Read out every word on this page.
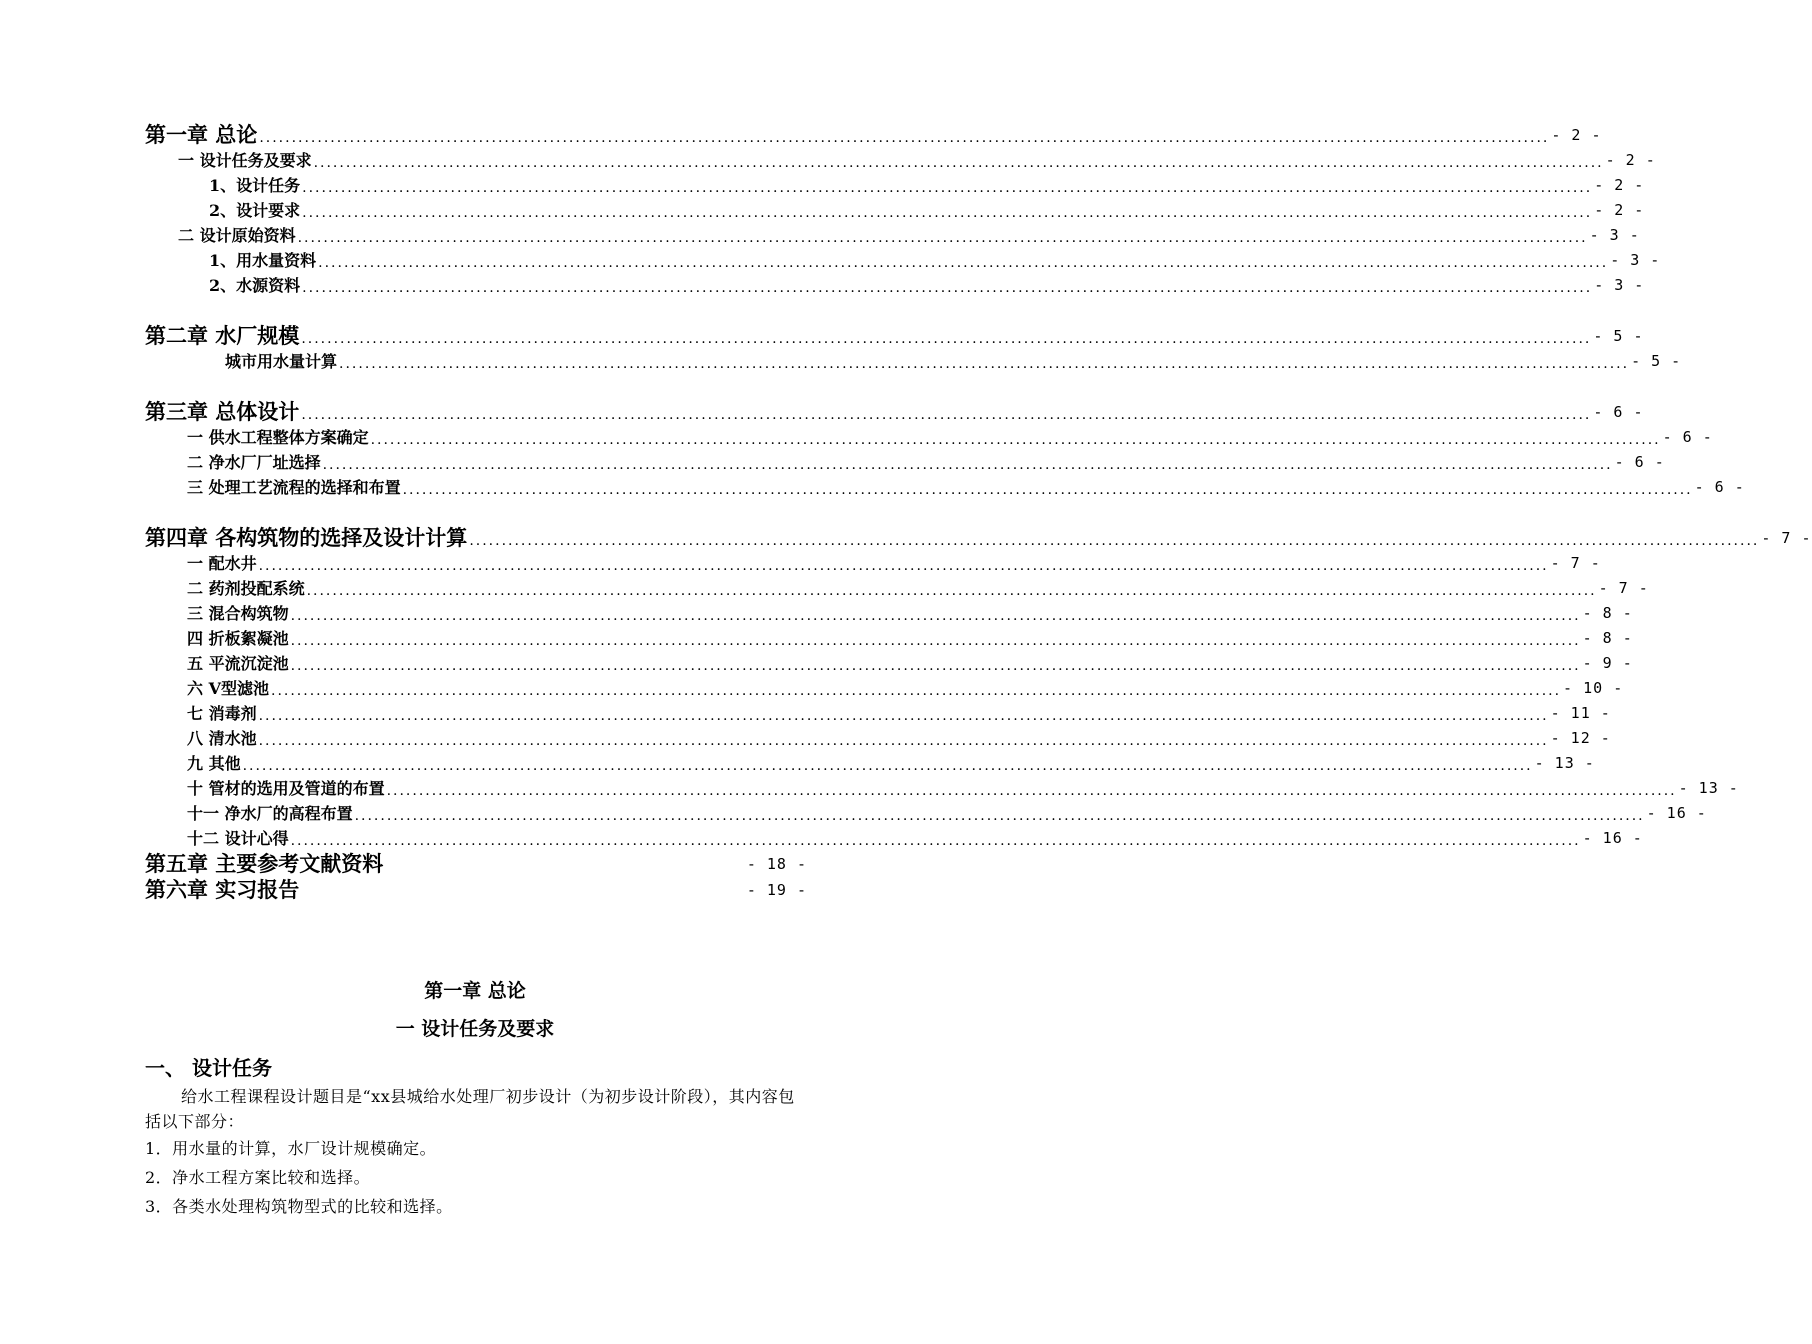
第一章 总论 ........................................................................................................................................................................................................ - 2 -
一 设计任务及要求 ........................................................................................................................................................................................................ - 2 -
1、设计任务 ........................................................................................................................................................................................................ - 2 -
2、设计要求 ........................................................................................................................................................................................................ - 2 -
二 设计原始资料 ........................................................................................................................................................................................................ - 3 -
1、用水量资料 ........................................................................................................................................................................................................ - 3 -
2、水源资料 ........................................................................................................................................................................................................ - 3 -
第二章 水厂规模 ........................................................................................................................................................................................................ - 5 -
城市用水量计算 ........................................................................................................................................................................................................ - 5 -
第三章 总体设计 ........................................................................................................................................................................................................ - 6 -
一 供水工程整体方案确定 ........................................................................................................................................................................................................ - 6 -
二 净水厂厂址选择 ........................................................................................................................................................................................................ - 6 -
三 处理工艺流程的选择和布置 ........................................................................................................................................................................................................ - 6 -
第四章 各构筑物的选择及设计计算 ........................................................................................................................................................................................................ - 7 -
一 配水井 ........................................................................................................................................................................................................ - 7 -
二 药剂投配系统 ........................................................................................................................................................................................................ - 7 -
三 混合构筑物 ........................................................................................................................................................................................................ - 8 -
四 折板絮凝池 ........................................................................................................................................................................................................ - 8 -
五 平流沉淀池 ........................................................................................................................................................................................................ - 9 -
六 V型滤池 ........................................................................................................................................................................................................ - 10 -
七 消毒剂 ........................................................................................................................................................................................................ - 11 -
八 清水池 ........................................................................................................................................................................................................ - 12 -
九 其他 ........................................................................................................................................................................................................ - 13 -
十 管材的选用及管道的布置 ........................................................................................................................................................................................................ - 13 -
十一 净水厂的高程布置 ........................................................................................................................................................................................................ - 16 -
十二 设计心得 ........................................................................................................................................................................................................ - 16 -
第五章 主要参考文献资料	- 18 -
第六章 实习报告	- 19 -
第一章 总论
一 设计任务及要求
一、 设计任务
给水工程课程设计题目是“xx县城给水处理厂初步设计（为初步设计阶段），其内容包括以下部分：
1．用水量的计算，水厂设计规模确定。
2．净水工程方案比较和选择。
3．各类水处理构筑物型式的比较和选择。
